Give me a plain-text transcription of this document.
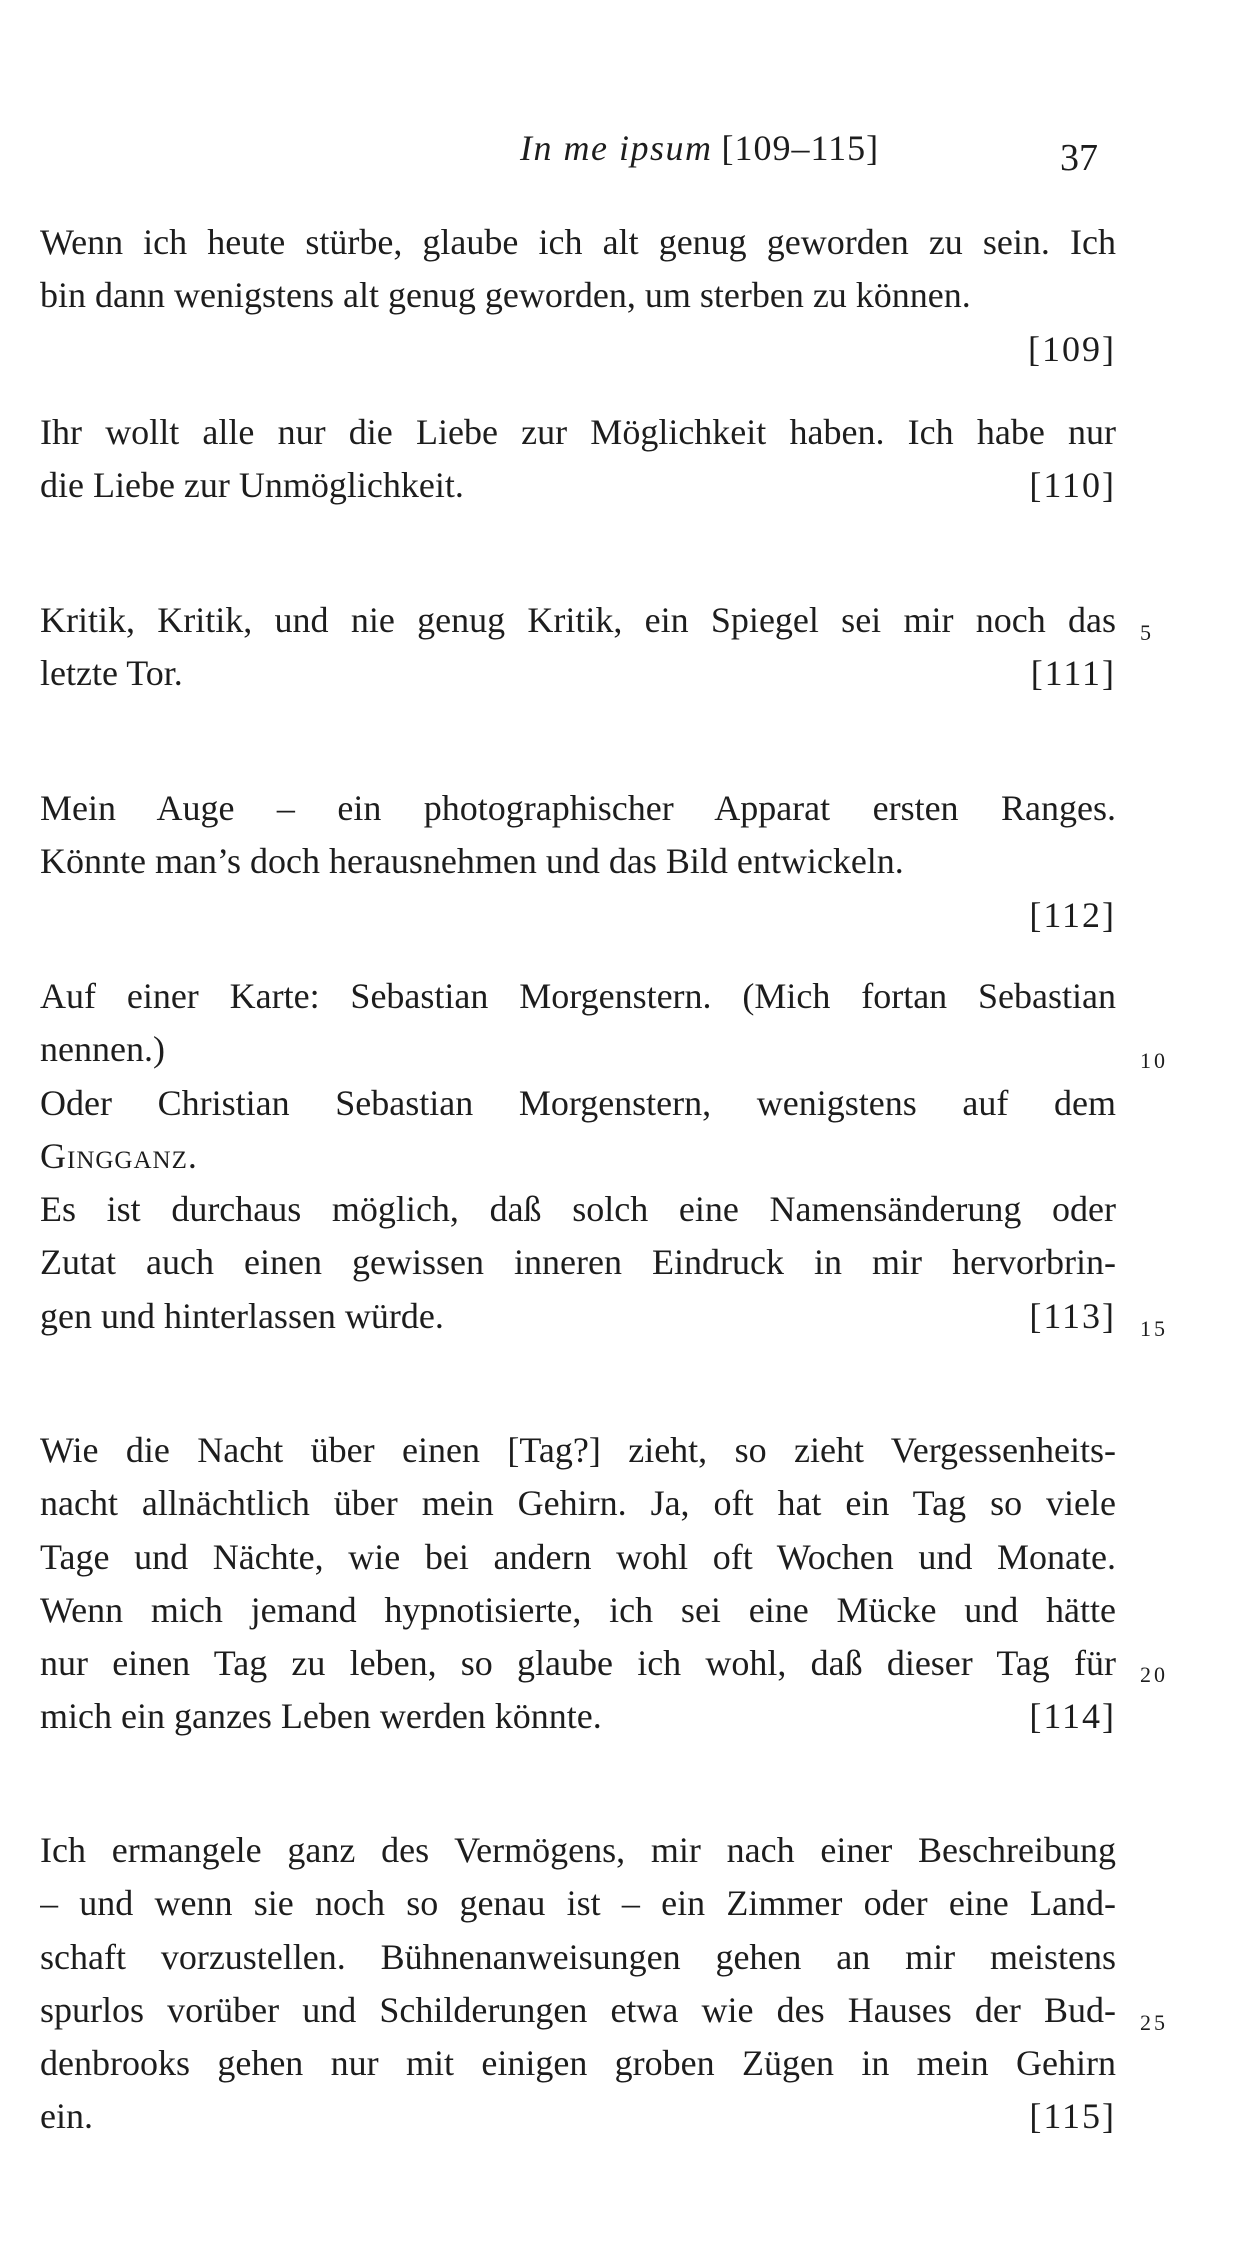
In me ipsum [109–115]	37
Wenn ich heute stürbe, glaube ich alt genug geworden zu sein. Ich
bin dann wenigstens alt genug geworden, um sterben zu können.
[109]
Ihr wollt alle nur die Liebe zur Möglichkeit haben. Ich habe nur
die Liebe zur Unmöglichkeit.	[110]
Kritik, Kritik, und nie genug Kritik, ein Spiegel sei mir noch das
letzte Tor.	[111]
Mein Auge – ein photographischer Apparat ersten Ranges.
Könnte man’s doch herausnehmen und das Bild entwickeln.
[112]
Auf einer Karte: Sebastian Morgenstern. (Mich fortan Sebastian
nennen.)
Oder Christian Sebastian Morgenstern, wenigstens auf dem
Gingganz.
Es ist durchaus möglich, daß solch eine Namensänderung oder
Zutat auch einen gewissen inneren Eindruck in mir hervorbrin-
gen und hinterlassen würde.	[113]
Wie die Nacht über einen [Tag?] zieht, so zieht Vergessenheits-
nacht allnächtlich über mein Gehirn. Ja, oft hat ein Tag so viele
Tage und Nächte, wie bei andern wohl oft Wochen und Monate.
Wenn mich jemand hypnotisierte, ich sei eine Mücke und hätte
nur einen Tag zu leben, so glaube ich wohl, daß dieser Tag für
mich ein ganzes Leben werden könnte.	[114]
Ich ermangele ganz des Vermögens, mir nach einer Beschreibung
– und wenn sie noch so genau ist – ein Zimmer oder eine Land-
schaft vorzustellen. Bühnenanweisungen gehen an mir meistens
spurlos vorüber und Schilderungen etwa wie des Hauses der Bud-
denbrooks gehen nur mit einigen groben Zügen in mein Gehirn
ein.	[115]
5
10
15
20
25
